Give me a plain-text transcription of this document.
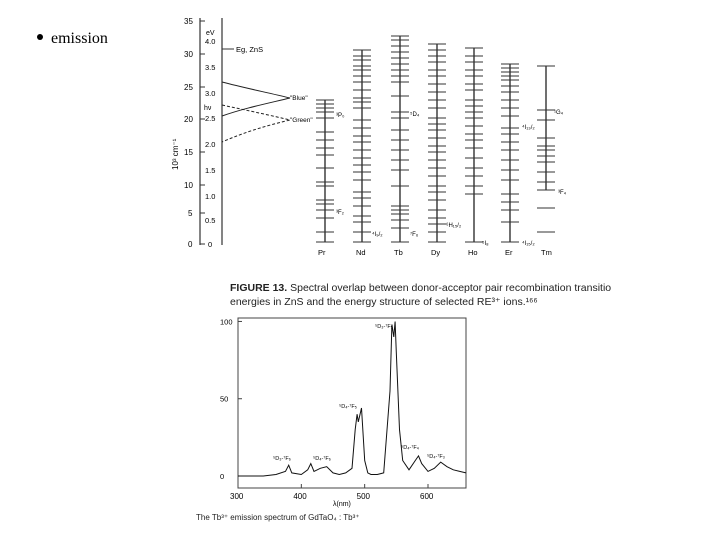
emission
35
30
25
20
15
10
5
0
eV
4.0
3.5
3.0
2.5
2.0
1.5
1.0
0.5
0
10³ cm⁻¹
Eg, ZnS
hν
"Blue"
"Green"
³P₀
³F₂
⁴I₉/₂
⁵D₄
⁷F₆
⁶H₁₅/₂
⁵I₈	⁴I₁₅/₂
⁴I₁₃/₂
¹G₄
³F₄
Pr	Nd	Tb	Dy	Ho	Er	Tm
FIGURE 13. Spectral overlap between donor-acceptor pair recombination transitio
energies in ZnS and the energy structure of selected RE³⁺ ions.¹⁶⁶
100
50
0
300	400	500	600
λ(nm)
⁵D₄-⁷F₅
⁵D₃-⁷F₅
⁵D₃-⁷F₆	⁵D₄-⁷F₆
⁵D₄-⁷F₄
⁵D₄-⁷F₃
The Tb³⁺ emission spectrum of GdTaO₄ : Tb³⁺
